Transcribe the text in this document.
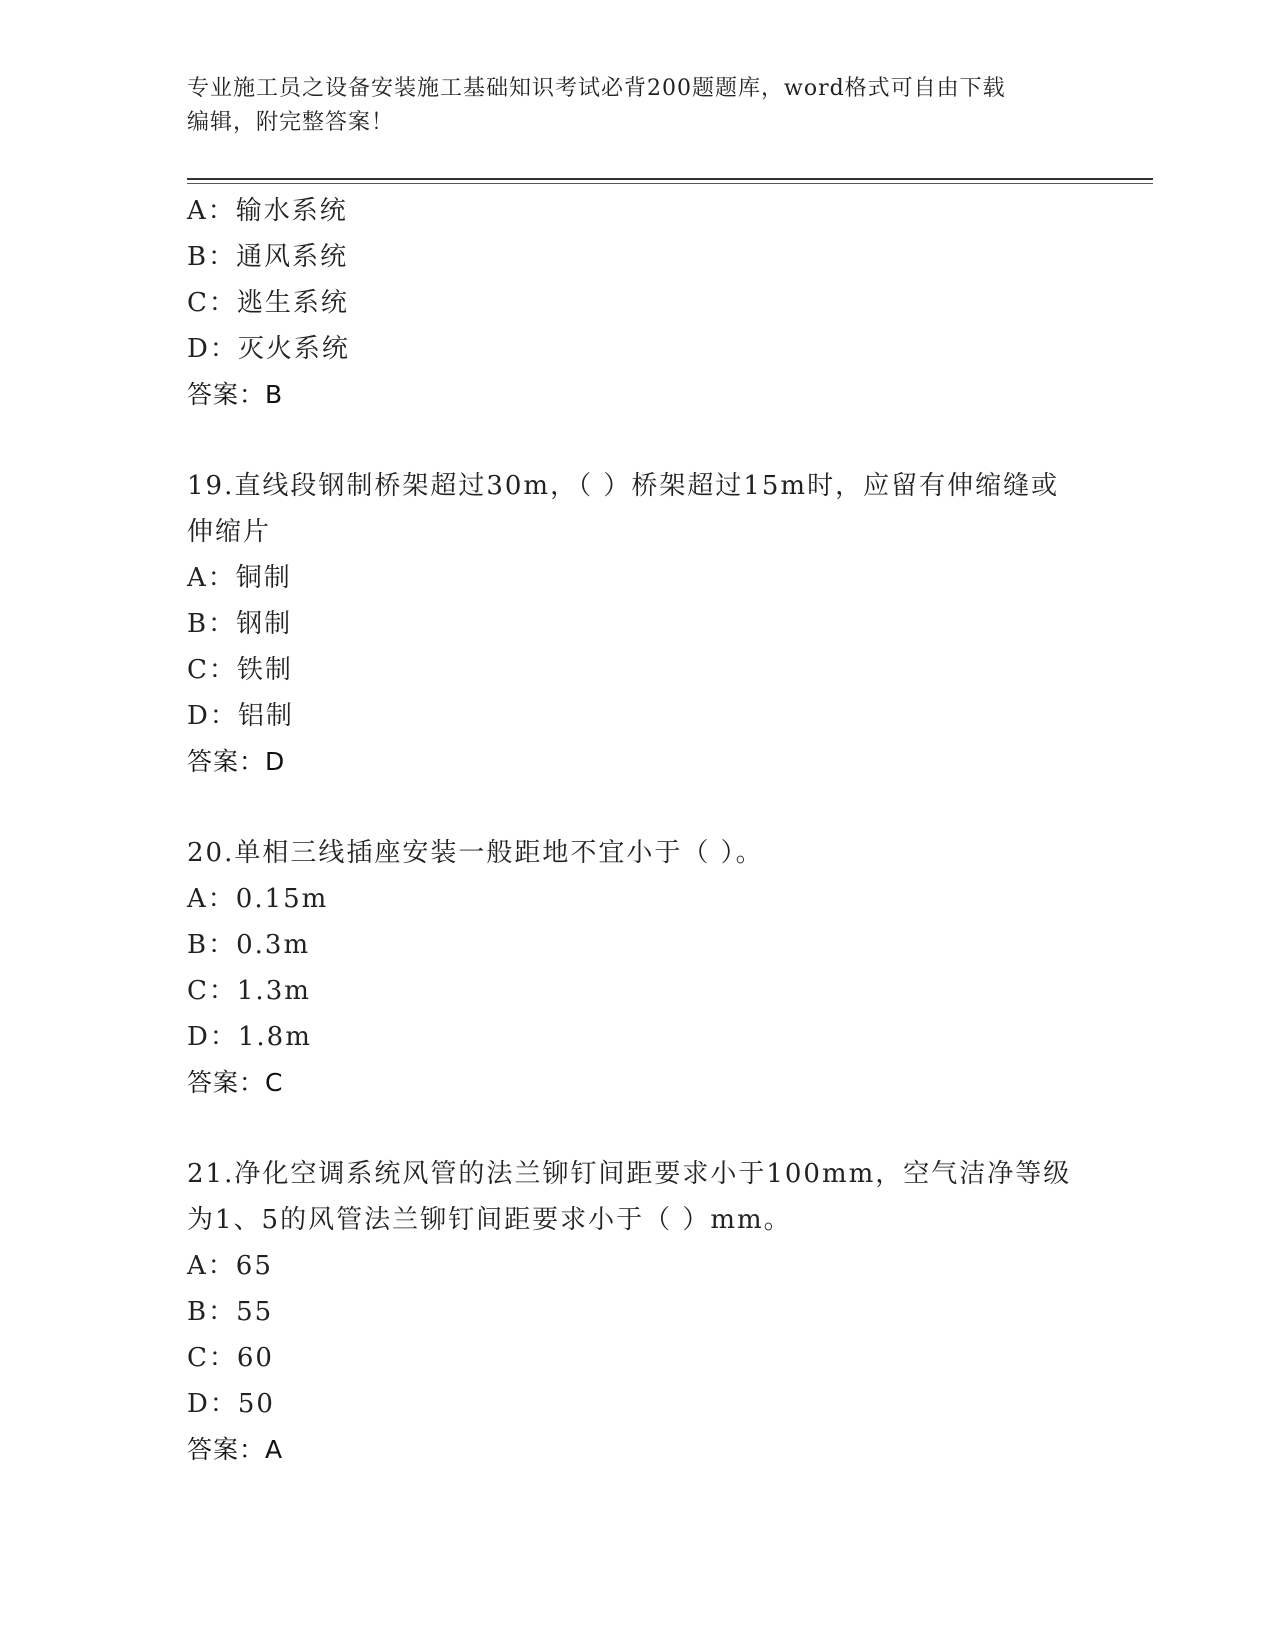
专业施工员之设备安装施工基础知识考试必背200题题库，word格式可自由下载
编辑，附完整答案！
A：输水系统
B：通风系统
C：逃生系统
D：灭火系统
答案：B
19.直线段钢制桥架超过30m，（ ）桥架超过15m时，应留有伸缩缝或
伸缩片
A：铜制
B：钢制
C：铁制
D：铝制
答案：D
20.单相三线插座安装一般距地不宜小于（ ）。
A：0.15m
B：0.3m
C：1.3m
D：1.8m
答案：C
21.净化空调系统风管的法兰铆钉间距要求小于100mm，空气洁净等级
为1、5的风管法兰铆钉间距要求小于（ ）mm。
A：65
B：55
C：60
D：50
答案：A
